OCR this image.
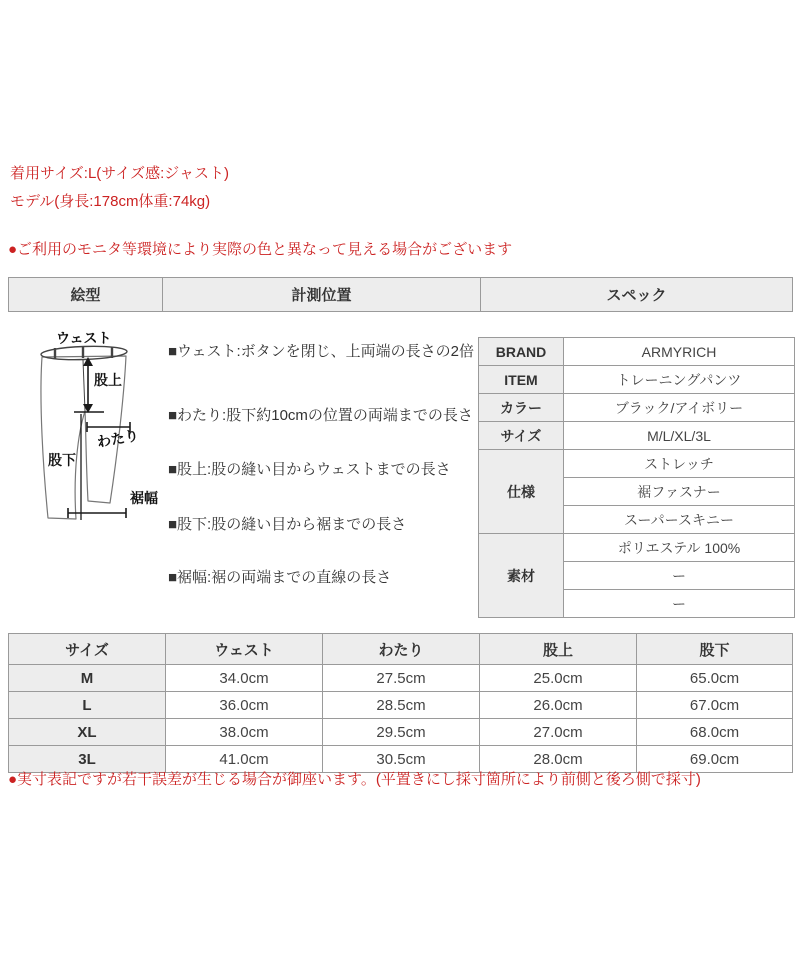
着用サイズ:L(サイズ感:ジャスト)
モデル(身長:178cm体重:74kg)
●ご利用のモニタ等環境により実際の色と異なって見える場合がございます
絵型	計測位置	スペック
ウェスト
股上
わたり
股下
裾幅
■ウェスト:ボタンを閉じ、上両端の長さの2倍
■わたり:股下約10cmの位置の両端までの長さ
■股上:股の縫い目からウェストまでの長さ
■股下:股の縫い目から裾までの長さ
■裾幅:裾の両端までの直線の長さ
BRAND	ARMYRICH
ITEM	トレーニングパンツ
カラー	ブラック/アイボリー
サイズ	M/L/XL/3L
仕様	ストレッチ
	裾ファスナー
	スーパースキニー
素材	ポリエステル 100%
	ー
	ー
サイズ	ウェスト	わたり	股上	股下
M	34.0cm	27.5cm	25.0cm	65.0cm
L	36.0cm	28.5cm	26.0cm	67.0cm
XL	38.0cm	29.5cm	27.0cm	68.0cm
3L	41.0cm	30.5cm	28.0cm	69.0cm
●実寸表記ですが若干誤差が生じる場合が御座います。(平置きにし採寸箇所により前側と後ろ側で採寸)
